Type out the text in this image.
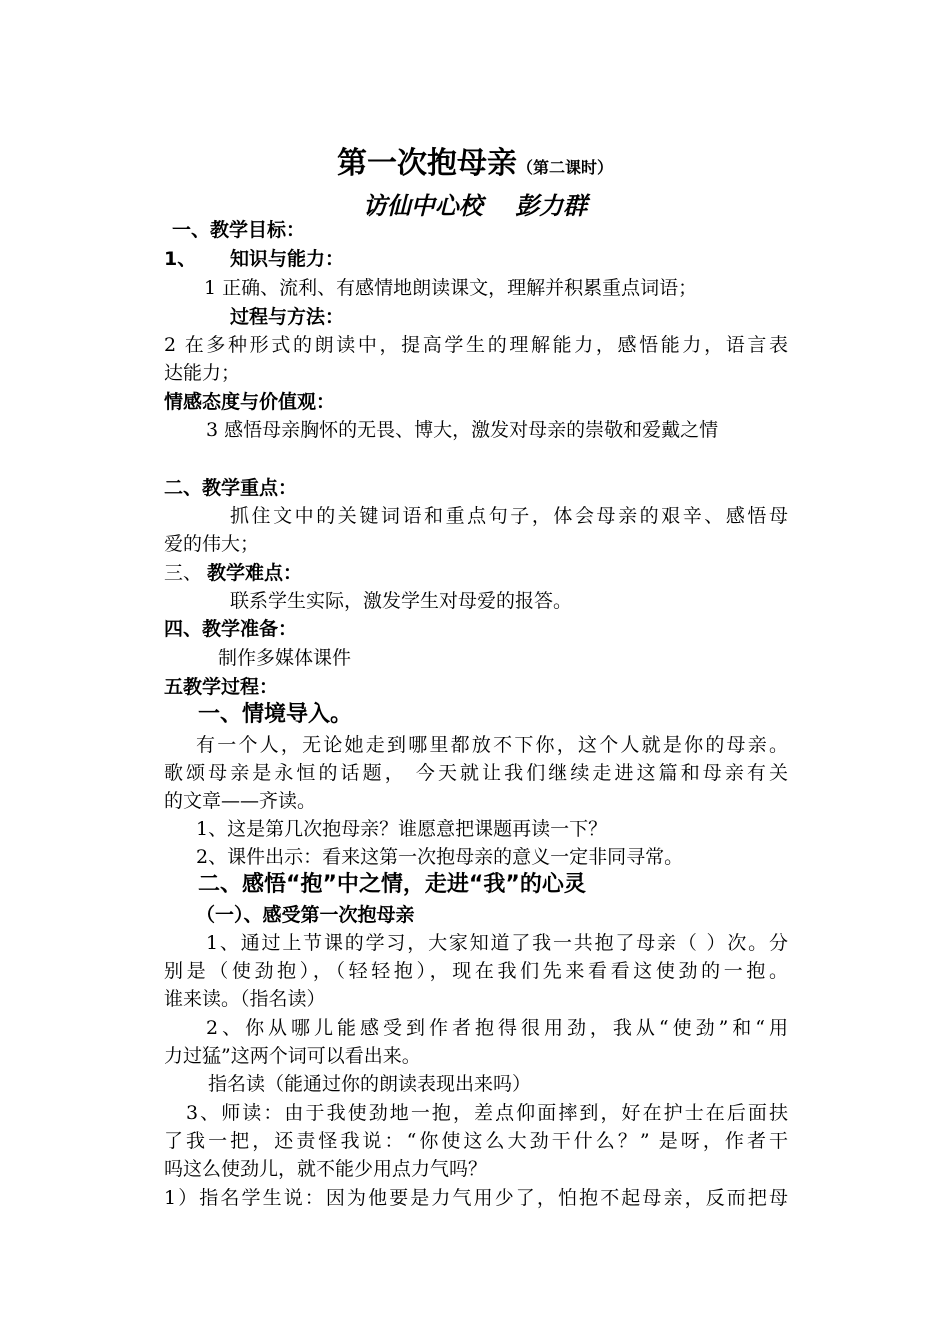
第一次抱母亲（第二课时）
访仙中心校　 彭力群
一、教学目标：
1、	知识与能力：
1 正确、流利、有感情地朗读课文，理解并积累重点词语；
过程与方法：
2 在多种形式的朗读中，提高学生的理解能力，感悟能力，语言表
达能力；
情感态度与价值观：
3 感悟母亲胸怀的无畏、博大，激发对母亲的崇敬和爱戴之情
二、教学重点：
抓住文中的关键词语和重点句子，体会母亲的艰辛、感悟母
爱的伟大；
三、 教学难点：
联系学生实际，激发学生对母爱的报答。
四、教学准备：
制作多媒体课件
五教学过程：
一、情境导入。
有一个人，无论她走到哪里都放不下你，这个人就是你的母亲。
歌颂母亲是永恒的话题， 今天就让我们继续走进这篇和母亲有关
的文章——齐读。
1、这是第几次抱母亲？谁愿意把课题再读一下？
2、课件出示：看来这第一次抱母亲的意义一定非同寻常。
二、感悟“抱”中之情，走进“我”的心灵
（一）、感受第一次抱母亲
1、通过上节课的学习，大家知道了我一共抱了母亲（ ）次。分
别是（使劲抱），（轻轻抱），现在我们先来看看这使劲的一抱。
谁来读。（指名读）
2、你从哪儿能感受到作者抱得很用劲，我从“使劲”和“用
力过猛”这两个词可以看出来。
指名读（能通过你的朗读表现出来吗）
3、师读：由于我使劲地一抱，差点仰面摔到，好在护士在后面扶
了我一把，还责怪我说：“你使这么大劲干什么？” 是呀，作者干
吗这么使劲儿，就不能少用点力气吗？
1）指名学生说：因为他要是力气用少了，怕抱不起母亲，反而把母
